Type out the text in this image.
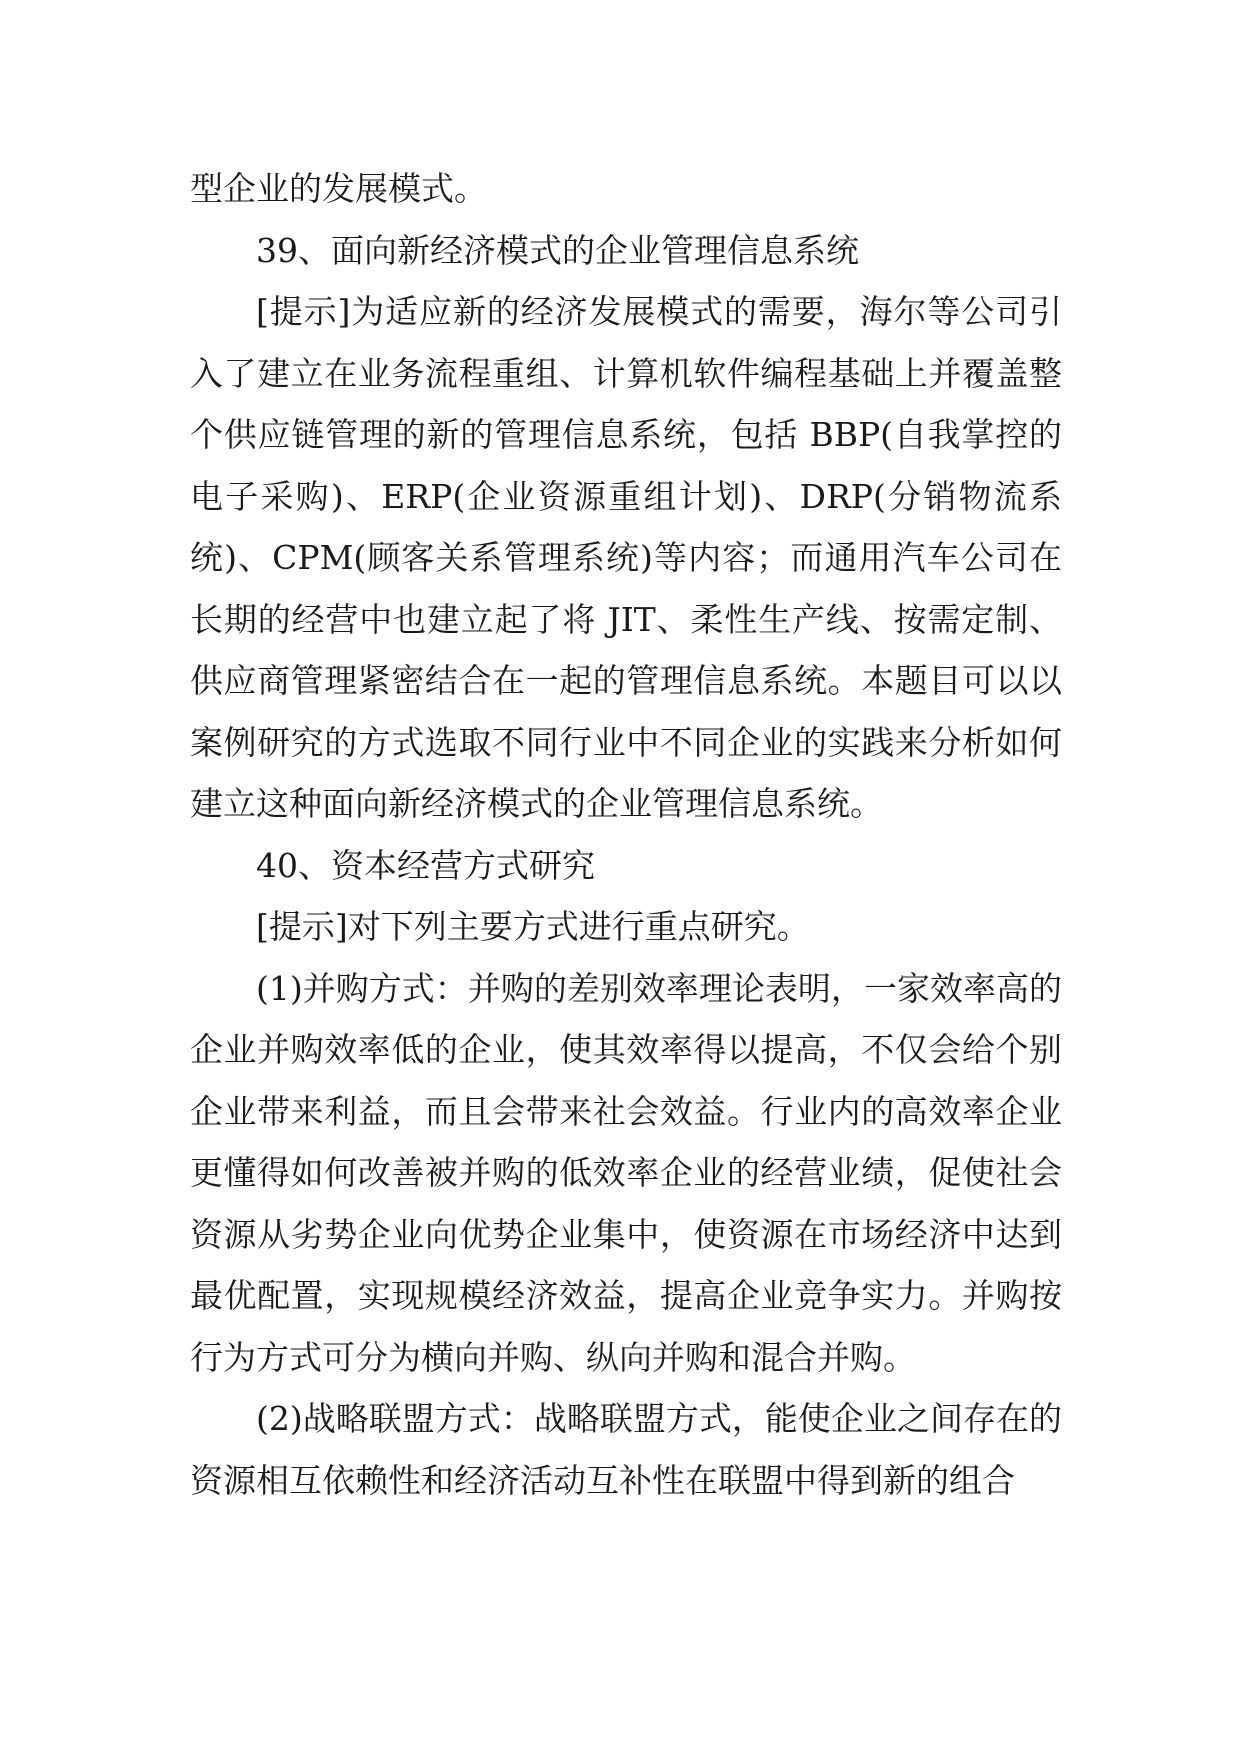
型企业的发展模式。

39、面向新经济模式的企业管理信息系统

[提示]为适应新的经济发展模式的需要，海尔等公司引入了建立在业务流程重组、计算机软件编程基础上并覆盖整个供应链管理的新的管理信息系统，包括 BBP(自我掌控的电子采购)、ERP(企业资源重组计划)、DRP(分销物流系统)、CPM(顾客关系管理系统)等内容；而通用汽车公司在长期的经营中也建立起了将 JIT、柔性生产线、按需定制、供应商管理紧密结合在一起的管理信息系统。本题目可以以案例研究的方式选取不同行业中不同企业的实践来分析如何建立这种面向新经济模式的企业管理信息系统。

40、资本经营方式研究

[提示]对下列主要方式进行重点研究。

(1)并购方式：并购的差别效率理论表明，一家效率高的企业并购效率低的企业，使其效率得以提高，不仅会给个别企业带来利益，而且会带来社会效益。行业内的高效率企业更懂得如何改善被并购的低效率企业的经营业绩，促使社会资源从劣势企业向优势企业集中，使资源在市场经济中达到最优配置，实现规模经济效益，提高企业竞争实力。并购按行为方式可分为横向并购、纵向并购和混合并购。

(2)战略联盟方式：战略联盟方式，能使企业之间存在的资源相互依赖性和经济活动互补性在联盟中得到新的组合
